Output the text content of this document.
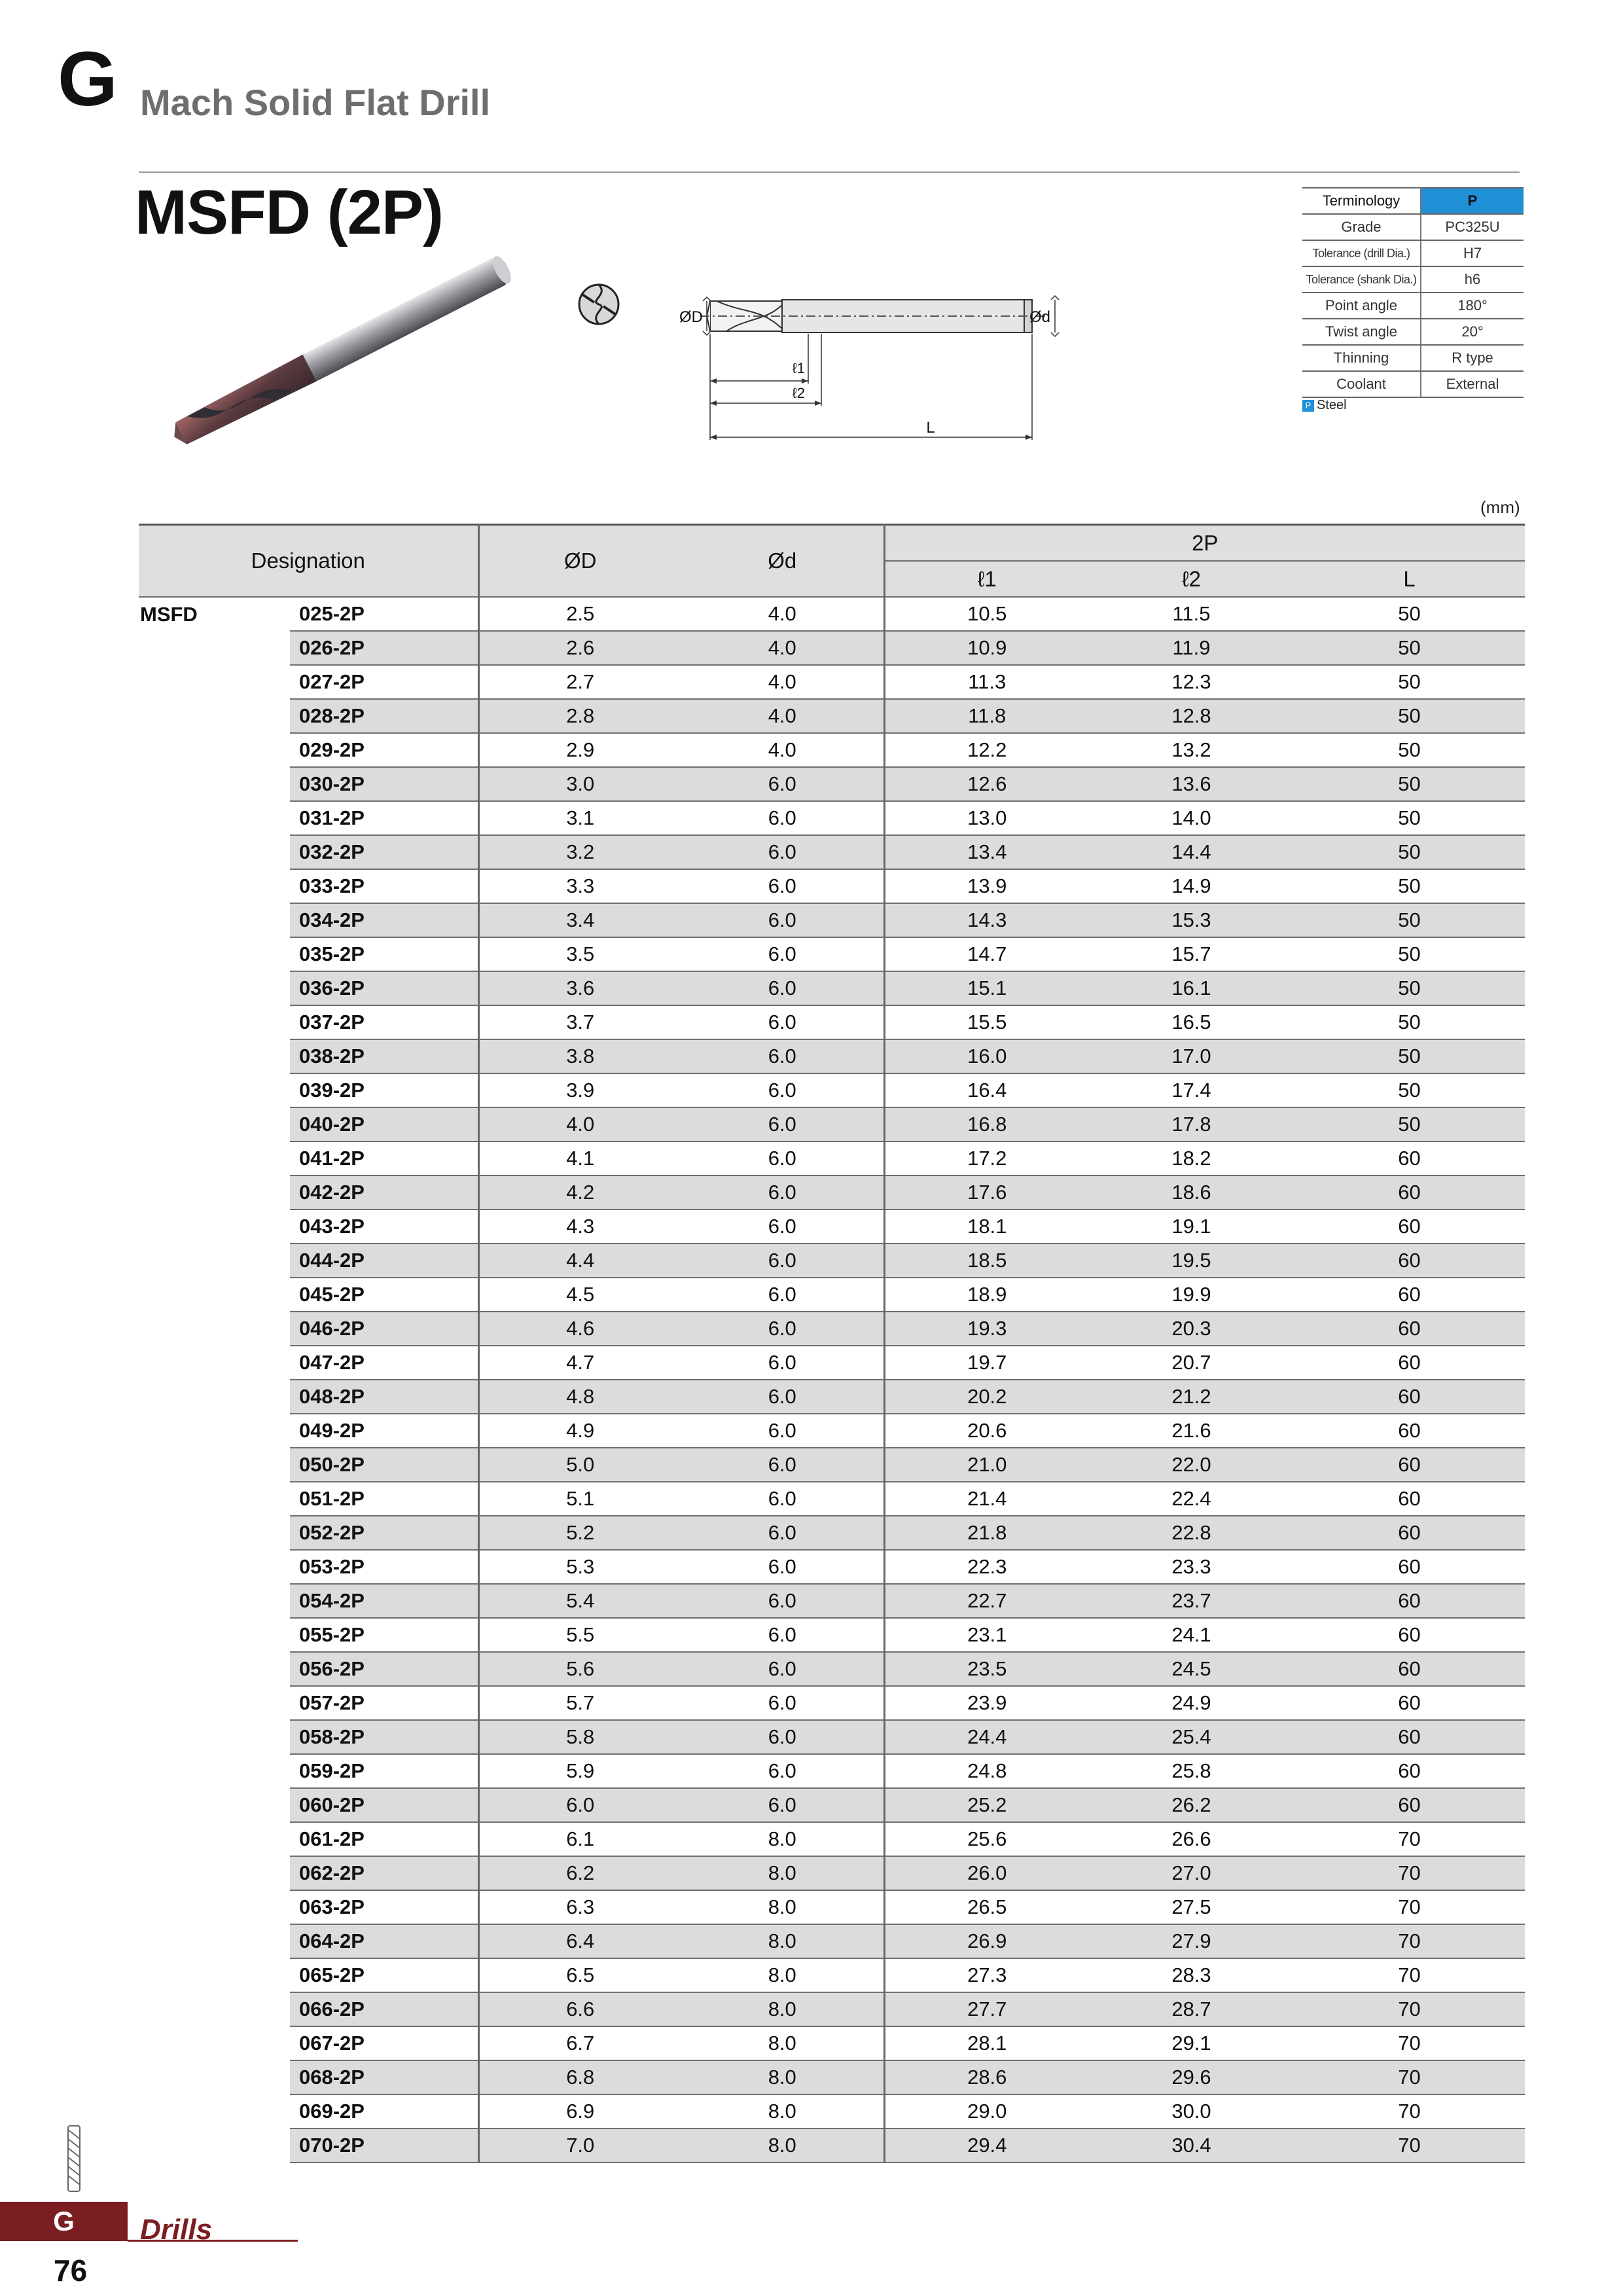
G Mach Solid Flat Drill
MSFD (2P)
ØD	Ød
ℓ1
ℓ2
L
Terminology	P
Grade	PC325U
Tolerance (drill Dia.)	H7
Tolerance (shank Dia.)	h6
Point angle	180°
Twist angle	20°
Thinning	R type
Coolant	External
P Steel
(mm)
Designation		ØD	Ød	2P		
				ℓ1	ℓ2	L
MSFD	025-2P	2.5	4.0	10.5	11.5	50
	026-2P	2.6	4.0	10.9	11.9	50
	027-2P	2.7	4.0	11.3	12.3	50
	028-2P	2.8	4.0	11.8	12.8	50
	029-2P	2.9	4.0	12.2	13.2	50
	030-2P	3.0	6.0	12.6	13.6	50
	031-2P	3.1	6.0	13.0	14.0	50
	032-2P	3.2	6.0	13.4	14.4	50
	033-2P	3.3	6.0	13.9	14.9	50
	034-2P	3.4	6.0	14.3	15.3	50
	035-2P	3.5	6.0	14.7	15.7	50
	036-2P	3.6	6.0	15.1	16.1	50
	037-2P	3.7	6.0	15.5	16.5	50
	038-2P	3.8	6.0	16.0	17.0	50
	039-2P	3.9	6.0	16.4	17.4	50
	040-2P	4.0	6.0	16.8	17.8	50
	041-2P	4.1	6.0	17.2	18.2	60
	042-2P	4.2	6.0	17.6	18.6	60
	043-2P	4.3	6.0	18.1	19.1	60
	044-2P	4.4	6.0	18.5	19.5	60
	045-2P	4.5	6.0	18.9	19.9	60
	046-2P	4.6	6.0	19.3	20.3	60
	047-2P	4.7	6.0	19.7	20.7	60
	048-2P	4.8	6.0	20.2	21.2	60
	049-2P	4.9	6.0	20.6	21.6	60
	050-2P	5.0	6.0	21.0	22.0	60
	051-2P	5.1	6.0	21.4	22.4	60
	052-2P	5.2	6.0	21.8	22.8	60
	053-2P	5.3	6.0	22.3	23.3	60
	054-2P	5.4	6.0	22.7	23.7	60
	055-2P	5.5	6.0	23.1	24.1	60
	056-2P	5.6	6.0	23.5	24.5	60
	057-2P	5.7	6.0	23.9	24.9	60
	058-2P	5.8	6.0	24.4	25.4	60
	059-2P	5.9	6.0	24.8	25.8	60
	060-2P	6.0	6.0	25.2	26.2	60
	061-2P	6.1	8.0	25.6	26.6	70
	062-2P	6.2	8.0	26.0	27.0	70
	063-2P	6.3	8.0	26.5	27.5	70
	064-2P	6.4	8.0	26.9	27.9	70
	065-2P	6.5	8.0	27.3	28.3	70
	066-2P	6.6	8.0	27.7	28.7	70
	067-2P	6.7	8.0	28.1	29.1	70
	068-2P	6.8	8.0	28.6	29.6	70
	069-2P	6.9	8.0	29.0	30.0	70
	070-2P	7.0	8.0	29.4	30.4	70
G	Drills
76
